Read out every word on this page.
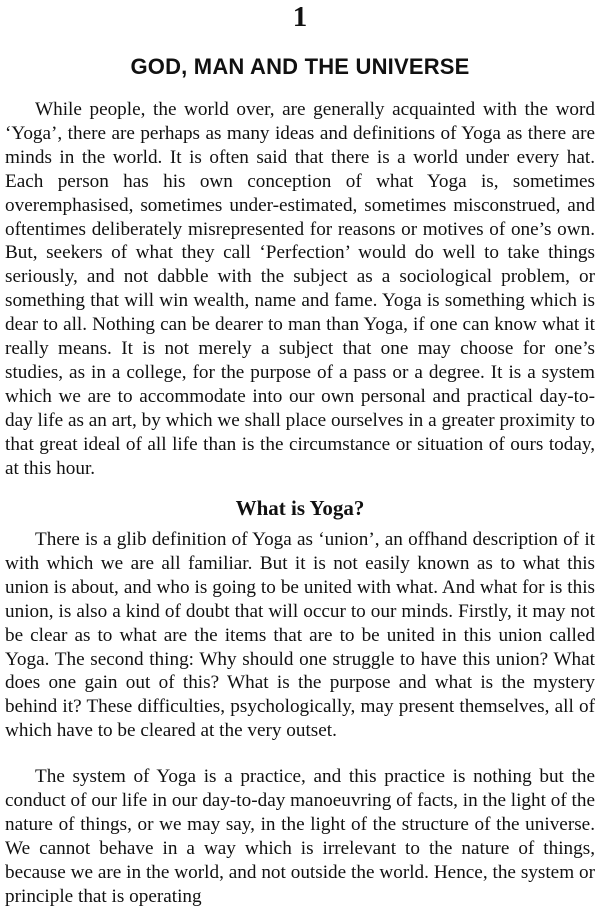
1
GOD, MAN AND THE UNIVERSE

While people, the world over, are generally acquainted with the word ‘Yoga’, there are perhaps as many ideas and definitions of Yoga as there are minds in the world. It is often said that there is a world under every hat. Each person has his own conception of what Yoga is, sometimes overemphasised, sometimes under-estimated, sometimes misconstrued, and oftentimes deliberately misrepresented for reasons or motives of one’s own. But, seekers of what they call ‘Perfection’ would do well to take things seriously, and not dabble with the subject as a sociological problem, or something that will win wealth, name and fame. Yoga is something which is dear to all. Nothing can be dearer to man than Yoga, if one can know what it really means. It is not merely a subject that one may choose for one’s studies, as in a college, for the purpose of a pass or a degree. It is a system which we are to accommodate into our own personal and practical day-to-day life as an art, by which we shall place ourselves in a greater proximity to that great ideal of all life than is the circumstance or situation of ours today, at this hour.

What is Yoga?

There is a glib definition of Yoga as ‘union’, an offhand description of it with which we are all familiar. But it is not easily known as to what this union is about, and who is going to be united with what. And what for is this union, is also a kind of doubt that will occur to our minds. Firstly, it may not be clear as to what are the items that are to be united in this union called Yoga. The second thing: Why should one struggle to have this union? What does one gain out of this? What is the purpose and what is the mystery behind it? These difficulties, psychologically, may present themselves, all of which have to be cleared at the very outset.

The system of Yoga is a practice, and this practice is nothing but the conduct of our life in our day-to-day manoeuvring of facts, in the light of the nature of things, or we may say, in the light of the structure of the universe. We cannot behave in a way which is irrelevant to the nature of things, because we are in the world, and not outside the world. Hence, the system or principle that is operating
